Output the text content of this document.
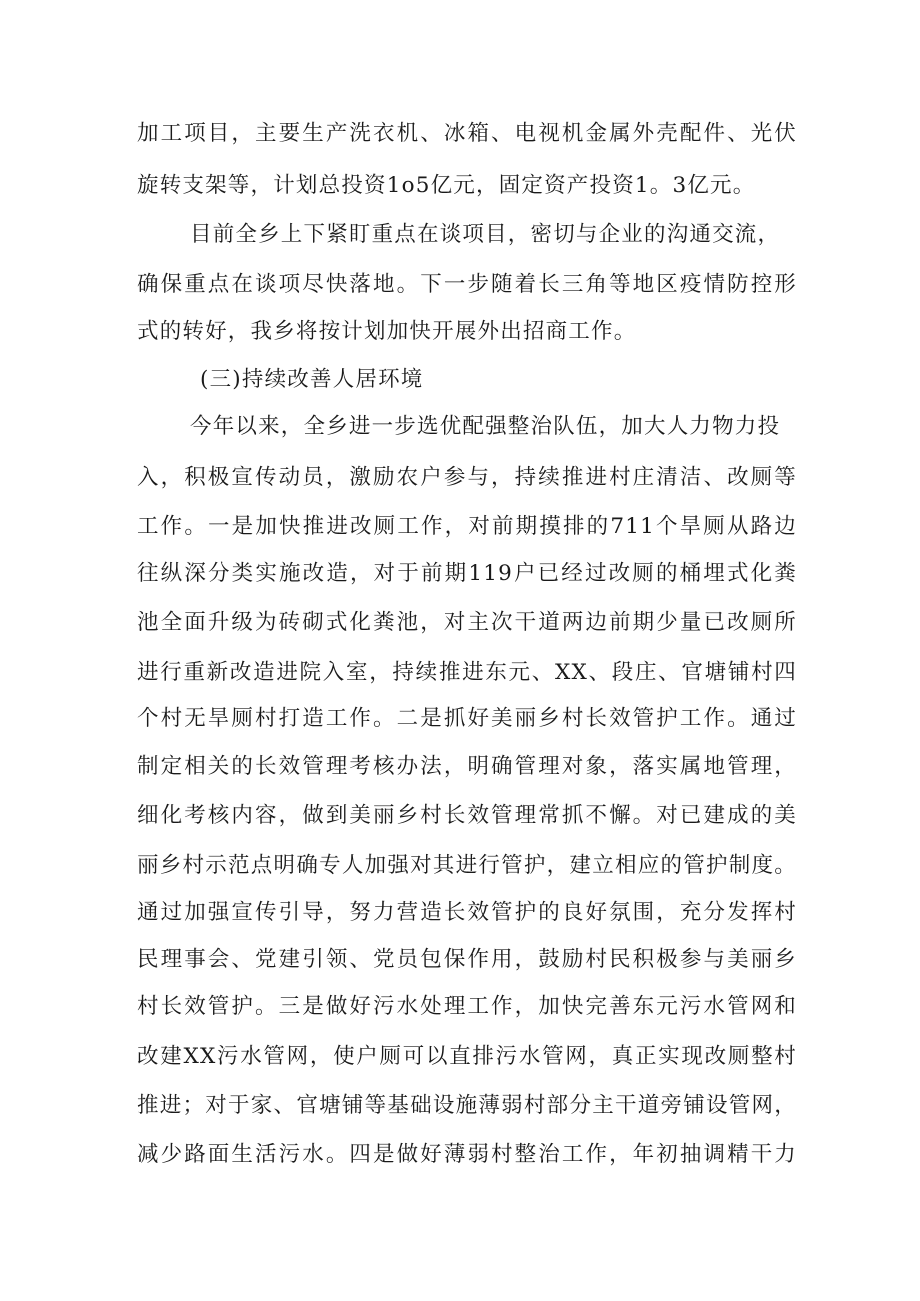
加工项目，主要生产洗衣机、冰箱、电视机金属外壳配件、光伏
旋转支架等，计划总投资1o5亿元，固定资产投资1。3亿元。
目前全乡上下紧盯重点在谈项目，密切与企业的沟通交流，
确保重点在谈项尽快落地。下一步随着长三角等地区疫情防控形
式的转好，我乡将按计划加快开展外出招商工作。
(三)持续改善人居环境
今年以来，全乡进一步选优配强整治队伍，加大人力物力投
入，积极宣传动员，激励农户参与，持续推进村庄清洁、改厕等
工作。一是加快推进改厕工作，对前期摸排的711个旱厕从路边
往纵深分类实施改造，对于前期119户已经过改厕的桶埋式化粪
池全面升级为砖砌式化粪池，对主次干道两边前期少量已改厕所
进行重新改造进院入室，持续推进东元、XX、段庄、官塘铺村四
个村无旱厕村打造工作。二是抓好美丽乡村长效管护工作。通过
制定相关的长效管理考核办法，明确管理对象，落实属地管理，
细化考核内容，做到美丽乡村长效管理常抓不懈。对已建成的美
丽乡村示范点明确专人加强对其进行管护，建立相应的管护制度。
通过加强宣传引导，努力营造长效管护的良好氛围，充分发挥村
民理事会、党建引领、党员包保作用，鼓励村民积极参与美丽乡
村长效管护。三是做好污水处理工作，加快完善东元污水管网和
改建XX污水管网，使户厕可以直排污水管网，真正实现改厕整村
推进；对于家、官塘铺等基础设施薄弱村部分主干道旁铺设管网，
减少路面生活污水。四是做好薄弱村整治工作，年初抽调精干力
